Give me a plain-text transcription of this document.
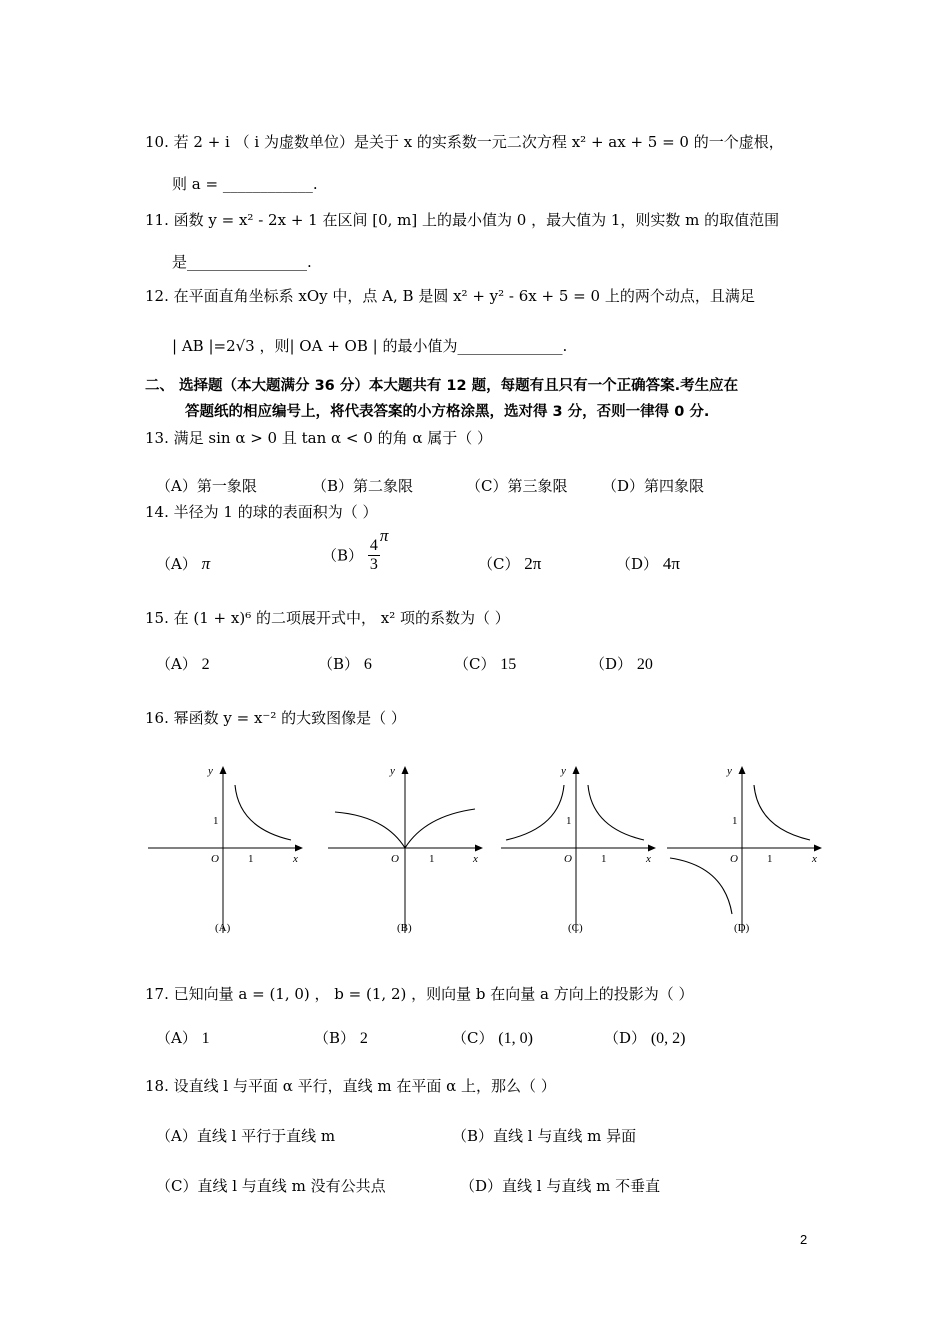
10. 若 2 + i （ i 为虚数单位）是关于 x 的实系数一元二次方程 x² + ax + 5 = 0 的一个虚根，
则 a = ____________.
11. 函数 y = x² - 2x + 1 在区间 [0, m] 上的最小值为 0 ，最大值为 1，则实数 m 的取值范围
是________________.
12. 在平面直角坐标系 xOy 中，点 A, B 是圆 x² + y² - 6x + 5 = 0 上的两个动点，且满足
| AB |=2√3 ，则| OA + OB | 的最小值为______________.
二、 选择题（本大题满分 36 分）本大题共有 12 题，每题有且只有一个正确答案.考生应在
答题纸的相应编号上，将代表答案的小方格涂黑，选对得 3 分，否则一律得 0 分.
13. 满足 sin α > 0 且 tan α < 0 的角 α 属于（ ）
（A）第一象限	（B）第二象限	（C）第三象限 （D）第四象限
14. 半径为 1 的球的表面积为（ ）
（A） π	$(B) \frac{4}{3}$
π
（C） 2π	（D） 4π
15. 在 (1 + x)⁶ 的二项展开式中， x² 项的系数为（ ）
（A） 2	（B） 6	（C） 15	（D） 20
16. 幂函数 y = x⁻² 的大致图像是（ ）
x
y
O	1
1
(A)
x
y
O	1
(B)
x
y
O	1
1
(C)
x
y
O	1
1
(D)
17. 已知向量 a = (1, 0) ， b = (1, 2) ，则向量 b 在向量 a 方向上的投影为（ ）
（A） 1	（B） 2	（C） (1, 0)	（D） (0, 2)
18. 设直线 l 与平面 α 平行，直线 m 在平面 α 上，那么（ ）
（A）直线 l 平行于直线 m	（B）直线 l 与直线 m 异面
（C）直线 l 与直线 m 没有公共点	（D）直线 l 与直线 m 不垂直
2
